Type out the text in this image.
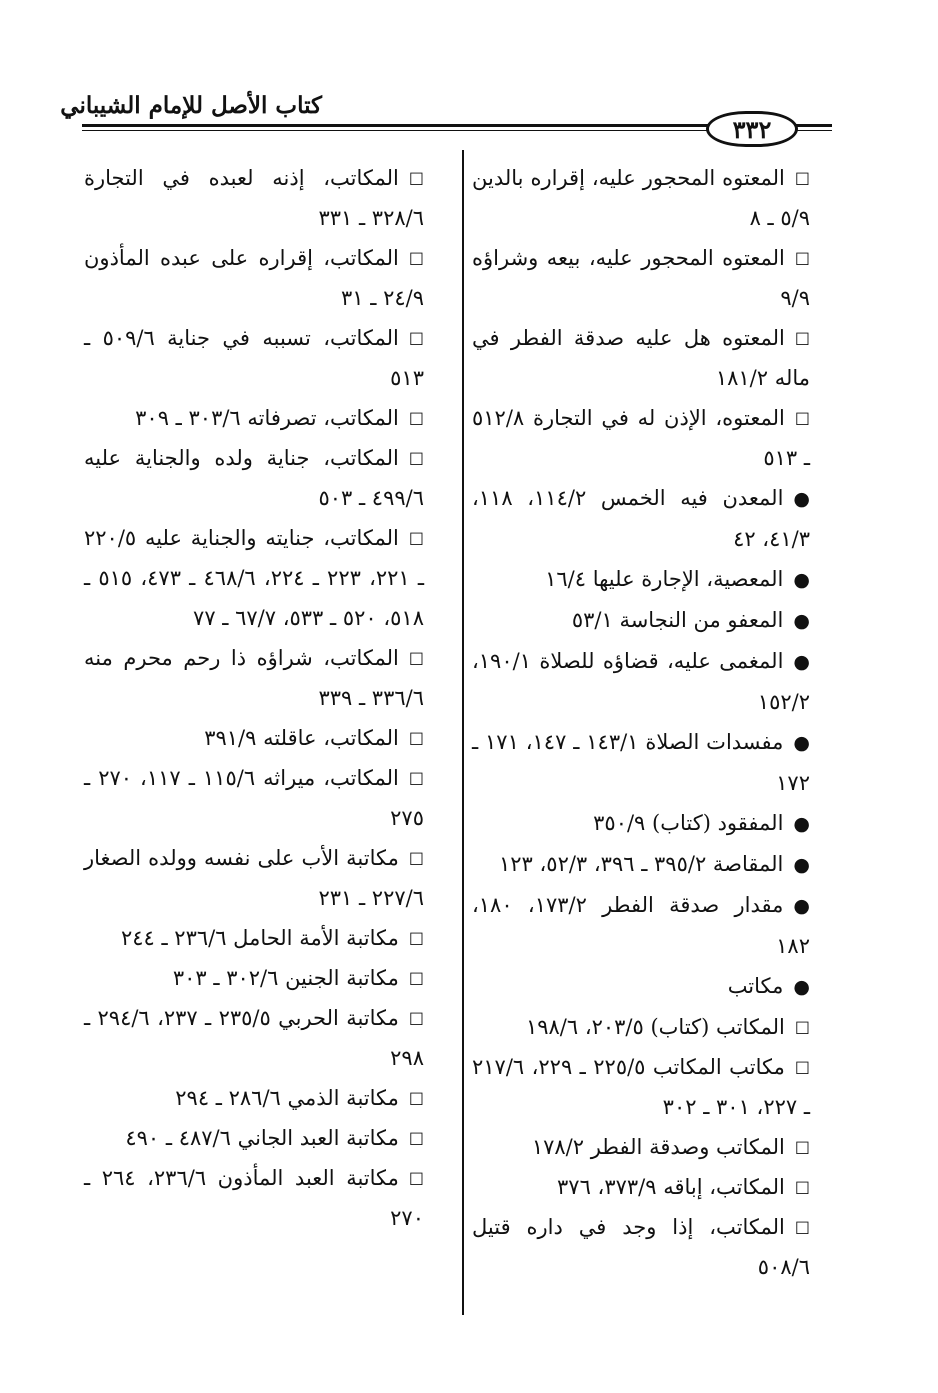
كتاب الأصل للإمام الشيباني
٣٣٢
□المعتوه المحجور عليه، إقراره بالدين ٥/٩ ـ ٨
□المعتوه المحجور عليه، بيعه وشراؤه ٩/٩
□المعتوه هل عليه صدقة الفطر في ماله ١٨١/٢
□المعتوه، الإذن له في التجارة ٥١٢/٨ ـ ٥١٣
●المعدن فيه الخمس ١١٤/٢، ١١٨، ٤١/٣، ٤٢
●المعصية، الإجارة عليها ١٦/٤
●المعفو من النجاسة ٥٣/١
●المغمى عليه، قضاؤه للصلاة ١٩٠/١، ١٥٢/٢
●مفسدات الصلاة ١٤٣/١ ـ ١٤٧، ١٧١ ـ ١٧٢
●المفقود (كتاب) ٣٥٠/٩
●المقاصة ٣٩٥/٢ ـ ٣٩٦، ٥٢/٣، ١٢٣
●مقدار صدقة الفطر ١٧٣/٢، ١٨٠، ١٨٢
●مكاتب
□المكاتب (كتاب) ٢٠٣/٥، ١٩٨/٦
□مكاتب المكاتب ٢٢٥/٥ ـ ٢٢٩، ٢١٧/٦ ـ ٢٢٧، ٣٠١ ـ ٣٠٢
□المكاتب وصدقة الفطر ١٧٨/٢
□المكاتب، إباقه ٣٧٣/٩، ٣٧٦
□المكاتب، إذا وجد في داره قتيل ٥٠٨/٦
□المكاتب، إذنه لعبده في التجارة ٣٢٨/٦ ـ ٣٣١
□المكاتب، إقراره على عبده المأذون ٢٤/٩ ـ ٣١
□المكاتب، تسببه في جناية ٥٠٩/٦ ـ ٥١٣
□المكاتب، تصرفاته ٣٠٣/٦ ـ ٣٠٩
□المكاتب، جناية ولده والجناية عليه ٤٩٩/٦ ـ ٥٠٣
□المكاتب، جنايته والجناية عليه ٢٢٠/٥ ـ ٢٢١، ٢٢٣ ـ ٢٢٤، ٤٦٨/٦ ـ ٤٧٣، ٥١٥ ـ ٥١٨، ٥٢٠ ـ ٥٣٣، ٦٧/٧ ـ ٧٧
□المكاتب، شراؤه ذا رحم محرم منه ٣٣٦/٦ ـ ٣٣٩
□المكاتب، عاقلته ٣٩١/٩
□المكاتب، ميراثه ١١٥/٦ ـ ١١٧، ٢٧٠ ـ ٢٧٥
□مكاتبة الأب على نفسه وولده الصغار ٢٢٧/٦ ـ ٢٣١
□مكاتبة الأمة الحامل ٢٣٦/٦ ـ ٢٤٤
□مكاتبة الجنين ٣٠٢/٦ ـ ٣٠٣
□مكاتبة الحربي ٢٣٥/٥ ـ ٢٣٧، ٢٩٤/٦ ـ ٢٩٨
□مكاتبة الذمي ٢٨٦/٦ ـ ٢٩٤
□مكاتبة العبد الجاني ٤٨٧/٦ ـ ٤٩٠
□مكاتبة العبد المأذون ٢٣٦/٦، ٢٦٤ ـ ٢٧٠
